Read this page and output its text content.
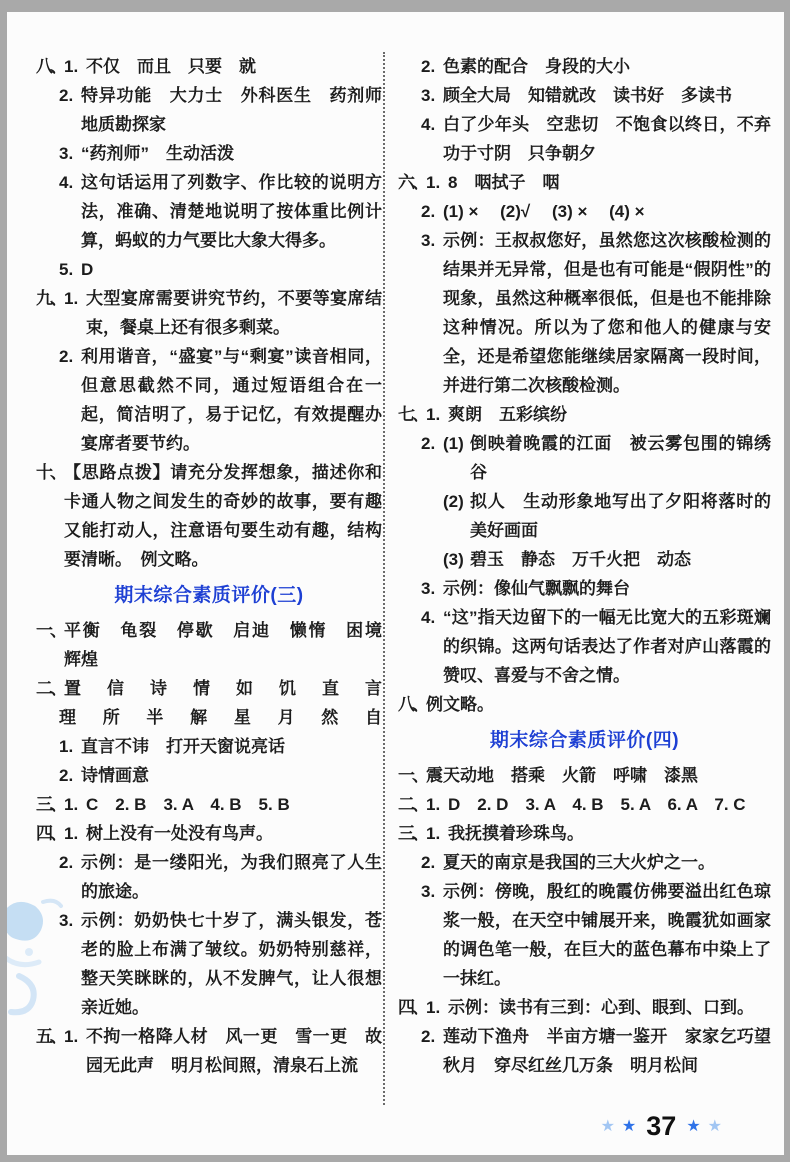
八、 1. 不仅　而且　只要　就
2. 特异功能　大力士　外科医生　药剂师　地质勘探家
3. “药剂师”　生动活泼
4. 这句话运用了列数字、作比较的说明方法，准确、清楚地说明了按体重比例计算，蚂蚁的力气要比大象大得多。
5. D
九、 1. 大型宴席需要讲究节约，不要等宴席结束，餐桌上还有很多剩菜。
2. 利用谐音，“盛宴”与“剩宴”读音相同，但意思截然不同，通过短语组合在一起，简洁明了，易于记忆，有效提醒办宴席者要节约。
十、 【思路点拨】请充分发挥想象，描述你和卡通人物之间发生的奇妙的故事，要有趣又能打动人，注意语句要生动有趣，结构要清晰。　例文略。
期末综合素质评价(三)
一、 平衡　龟裂　停歇　启迪　懒惰　困境　辉煌
二、 置 信 诗 情 如 饥 直 言
理 所 半 解 星 月 然 自
1. 直言不讳　打开天窗说亮话
2. 诗情画意
三、 1. C　2. B　3. A　4. B　5. B
四、 1. 树上没有一处没有鸟声。
2. 示例：是一缕阳光，为我们照亮了人生的旅途。
3. 示例：奶奶快七十岁了，满头银发，苍老的脸上布满了皱纹。奶奶特别慈祥，整天笑眯眯的，从不发脾气，让人很想亲近她。
五、 1. 不拘一格降人材　风一更　雪一更　故园无此声　明月松间照，清泉石上流
2. 色素的配合　身段的大小
3. 顾全大局　知错就改　读书好　多读书
4. 白了少年头　空悲切　不饱食以终日，不弃功于寸阴　只争朝夕
六、 1. 8　咽拭子　咽
2. (1) ×　 (2)√ 　(3) ×　 (4) ×
3. 示例：王叔叔您好，虽然您这次核酸检测的结果并无异常，但是也有可能是“假阴性”的现象，虽然这种概率很低，但是也不能排除这种情况。所以为了您和他人的健康与安全，还是希望您能继续居家隔离一段时间，并进行第二次核酸检测。
七、 1. 爽朗　五彩缤纷
2. (1) 倒映着晚霞的江面　被云雾包围的锦绣谷
(2) 拟人　生动形象地写出了夕阳将落时的美好画面
(3) 碧玉　静态　万千火把　动态
3. 示例：像仙气飘飘的舞台
4. “这”指天边留下的一幅无比宽大的五彩斑斓的织锦。这两句话表达了作者对庐山落霞的赞叹、喜爱与不舍之情。
八、 例文略。
期末综合素质评价(四)
一、 震天动地　搭乘　火箭　呼啸　漆黑
二、 1. D　2. D　3. A　4. B　5. A　6. A　7. C
三、 1. 我抚摸着珍珠鸟。
2. 夏天的南京是我国的三大火炉之一。
3. 示例：傍晚，殷红的晚霞仿佛要溢出红色琼浆一般，在天空中铺展开来，晚霞犹如画家的调色笔一般，在巨大的蓝色幕布中染上了一抹红。
四、 1. 示例：读书有三到：心到、眼到、口到。
2. 莲动下渔舟　半亩方塘一鉴开　家家乞巧望秋月　穿尽红丝几万条　明月松间
★ ★ 37 ★ ★
